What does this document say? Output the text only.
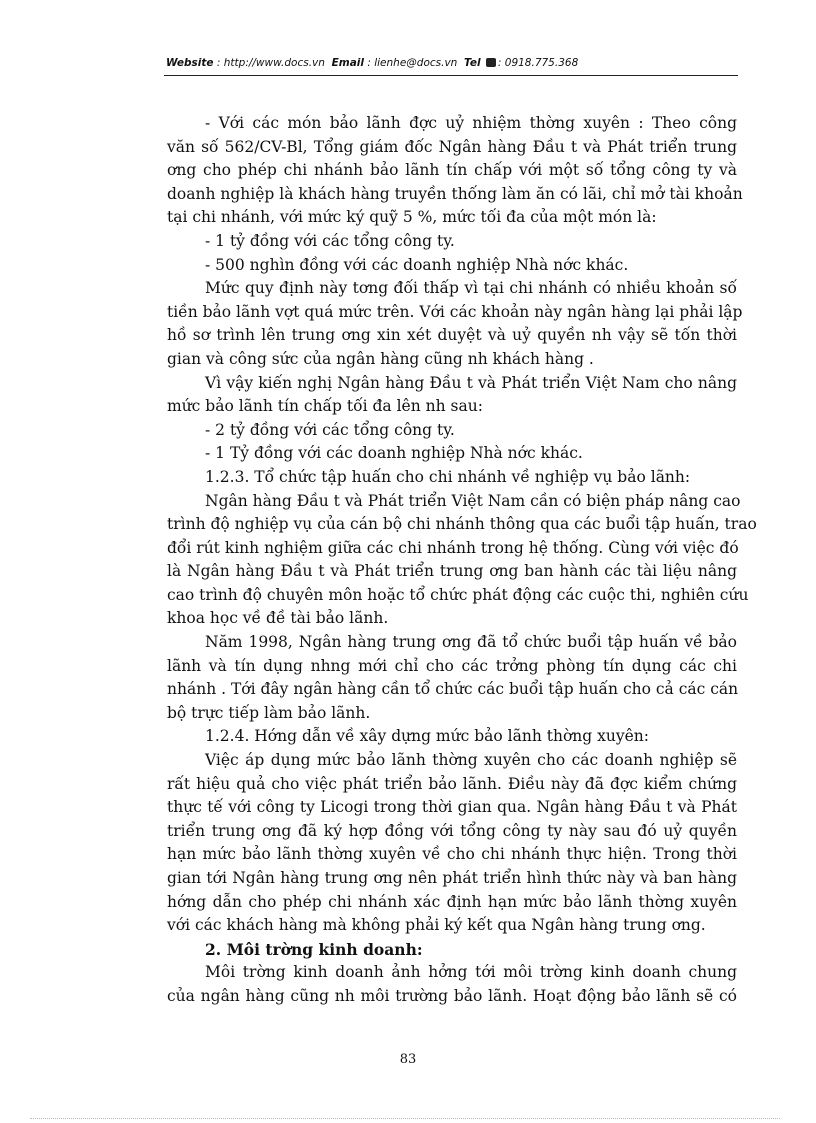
Website : http://www.docs.vn Email : lienhe@docs.vn Tel : 0918.775.368

- Với các món bảo lãnh đợc uỷ nhiệm thờng xuyên : Theo công
văn số 562/CV-Bl, Tổng giám đốc Ngân hàng Đầu t và Phát triển trung
ơng cho phép chi nhánh bảo lãnh tín chấp với một số tổng công ty và
doanh nghiệp là khách hàng truyền thống làm ăn có lãi, chỉ mở tài khoản
tại chi nhánh, với mức ký quỹ 5 %, mức tối đa của một món là:

- 1 tỷ đồng với các tổng công ty.

- 500 nghìn đồng với các doanh nghiệp Nhà nớc khác.

Mức quy định này tơng đối thấp vì tại chi nhánh có nhiều khoản số
tiền bảo lãnh vợt quá mức trên. Với các khoản này ngân hàng lại phải lập
hồ sơ trình lên trung ơng xin xét duyệt và uỷ quyền nh vậy sẽ tốn thời
gian và công sức của ngân hàng cũng nh khách hàng .

Vì vậy kiến nghị Ngân hàng Đầu t và Phát triển Việt Nam cho nâng
mức bảo lãnh tín chấp tối đa lên nh sau:

- 2 tỷ đồng với các tổng công ty.

- 1 Tỷ đồng với các doanh nghiệp Nhà nớc khác.

1.2.3. Tổ chức tập huấn cho chi nhánh về nghiệp vụ bảo lãnh:

Ngân hàng Đầu t và Phát triển Việt Nam cần có biện pháp nâng cao
trình độ nghiệp vụ của cán bộ chi nhánh thông qua các buổi tập huấn, trao
đổi rút kinh nghiệm giữa các chi nhánh trong hệ thống. Cùng với việc đó
là Ngân hàng Đầu t và Phát triển trung ơng ban hành các tài liệu nâng
cao trình độ chuyên môn hoặc tổ chức phát động các cuộc thi, nghiên cứu
khoa học về đề tài bảo lãnh.

Năm 1998, Ngân hàng trung ơng đã tổ chức buổi tập huấn về bảo
lãnh và tín dụng nhng mới chỉ cho các trởng phòng tín dụng các chi
nhánh . Tới đây ngân hàng cần tổ chức các buổi tập huấn cho cả các cán
bộ trực tiếp làm bảo lãnh.

1.2.4. Hớng dẫn về xây dựng mức bảo lãnh thờng xuyên:

Việc áp dụng mức bảo lãnh thờng xuyên cho các doanh nghiệp sẽ
rất hiệu quả cho việc phát triển bảo lãnh. Điều này đã đợc kiểm chứng
thực tế với công ty Licogi trong thời gian qua. Ngân hàng Đầu t và Phát
triển trung ơng đã ký hợp đồng với tổng công ty này sau đó uỷ quyền
hạn mức bảo lãnh thờng xuyên về cho chi nhánh thực hiện. Trong thời
gian tới Ngân hàng trung ơng nên phát triển hình thức này và ban hàng
hớng dẫn cho phép chi nhánh xác định hạn mức bảo lãnh thờng xuyên
với các khách hàng mà không phải ký kết qua Ngân hàng trung ơng.

2. Môi trờng kinh doanh:

Môi trờng kinh doanh ảnh hởng tới môi trờng kinh doanh chung
của ngân hàng cũng nh môi trường bảo lãnh. Hoạt động bảo lãnh sẽ có

83
